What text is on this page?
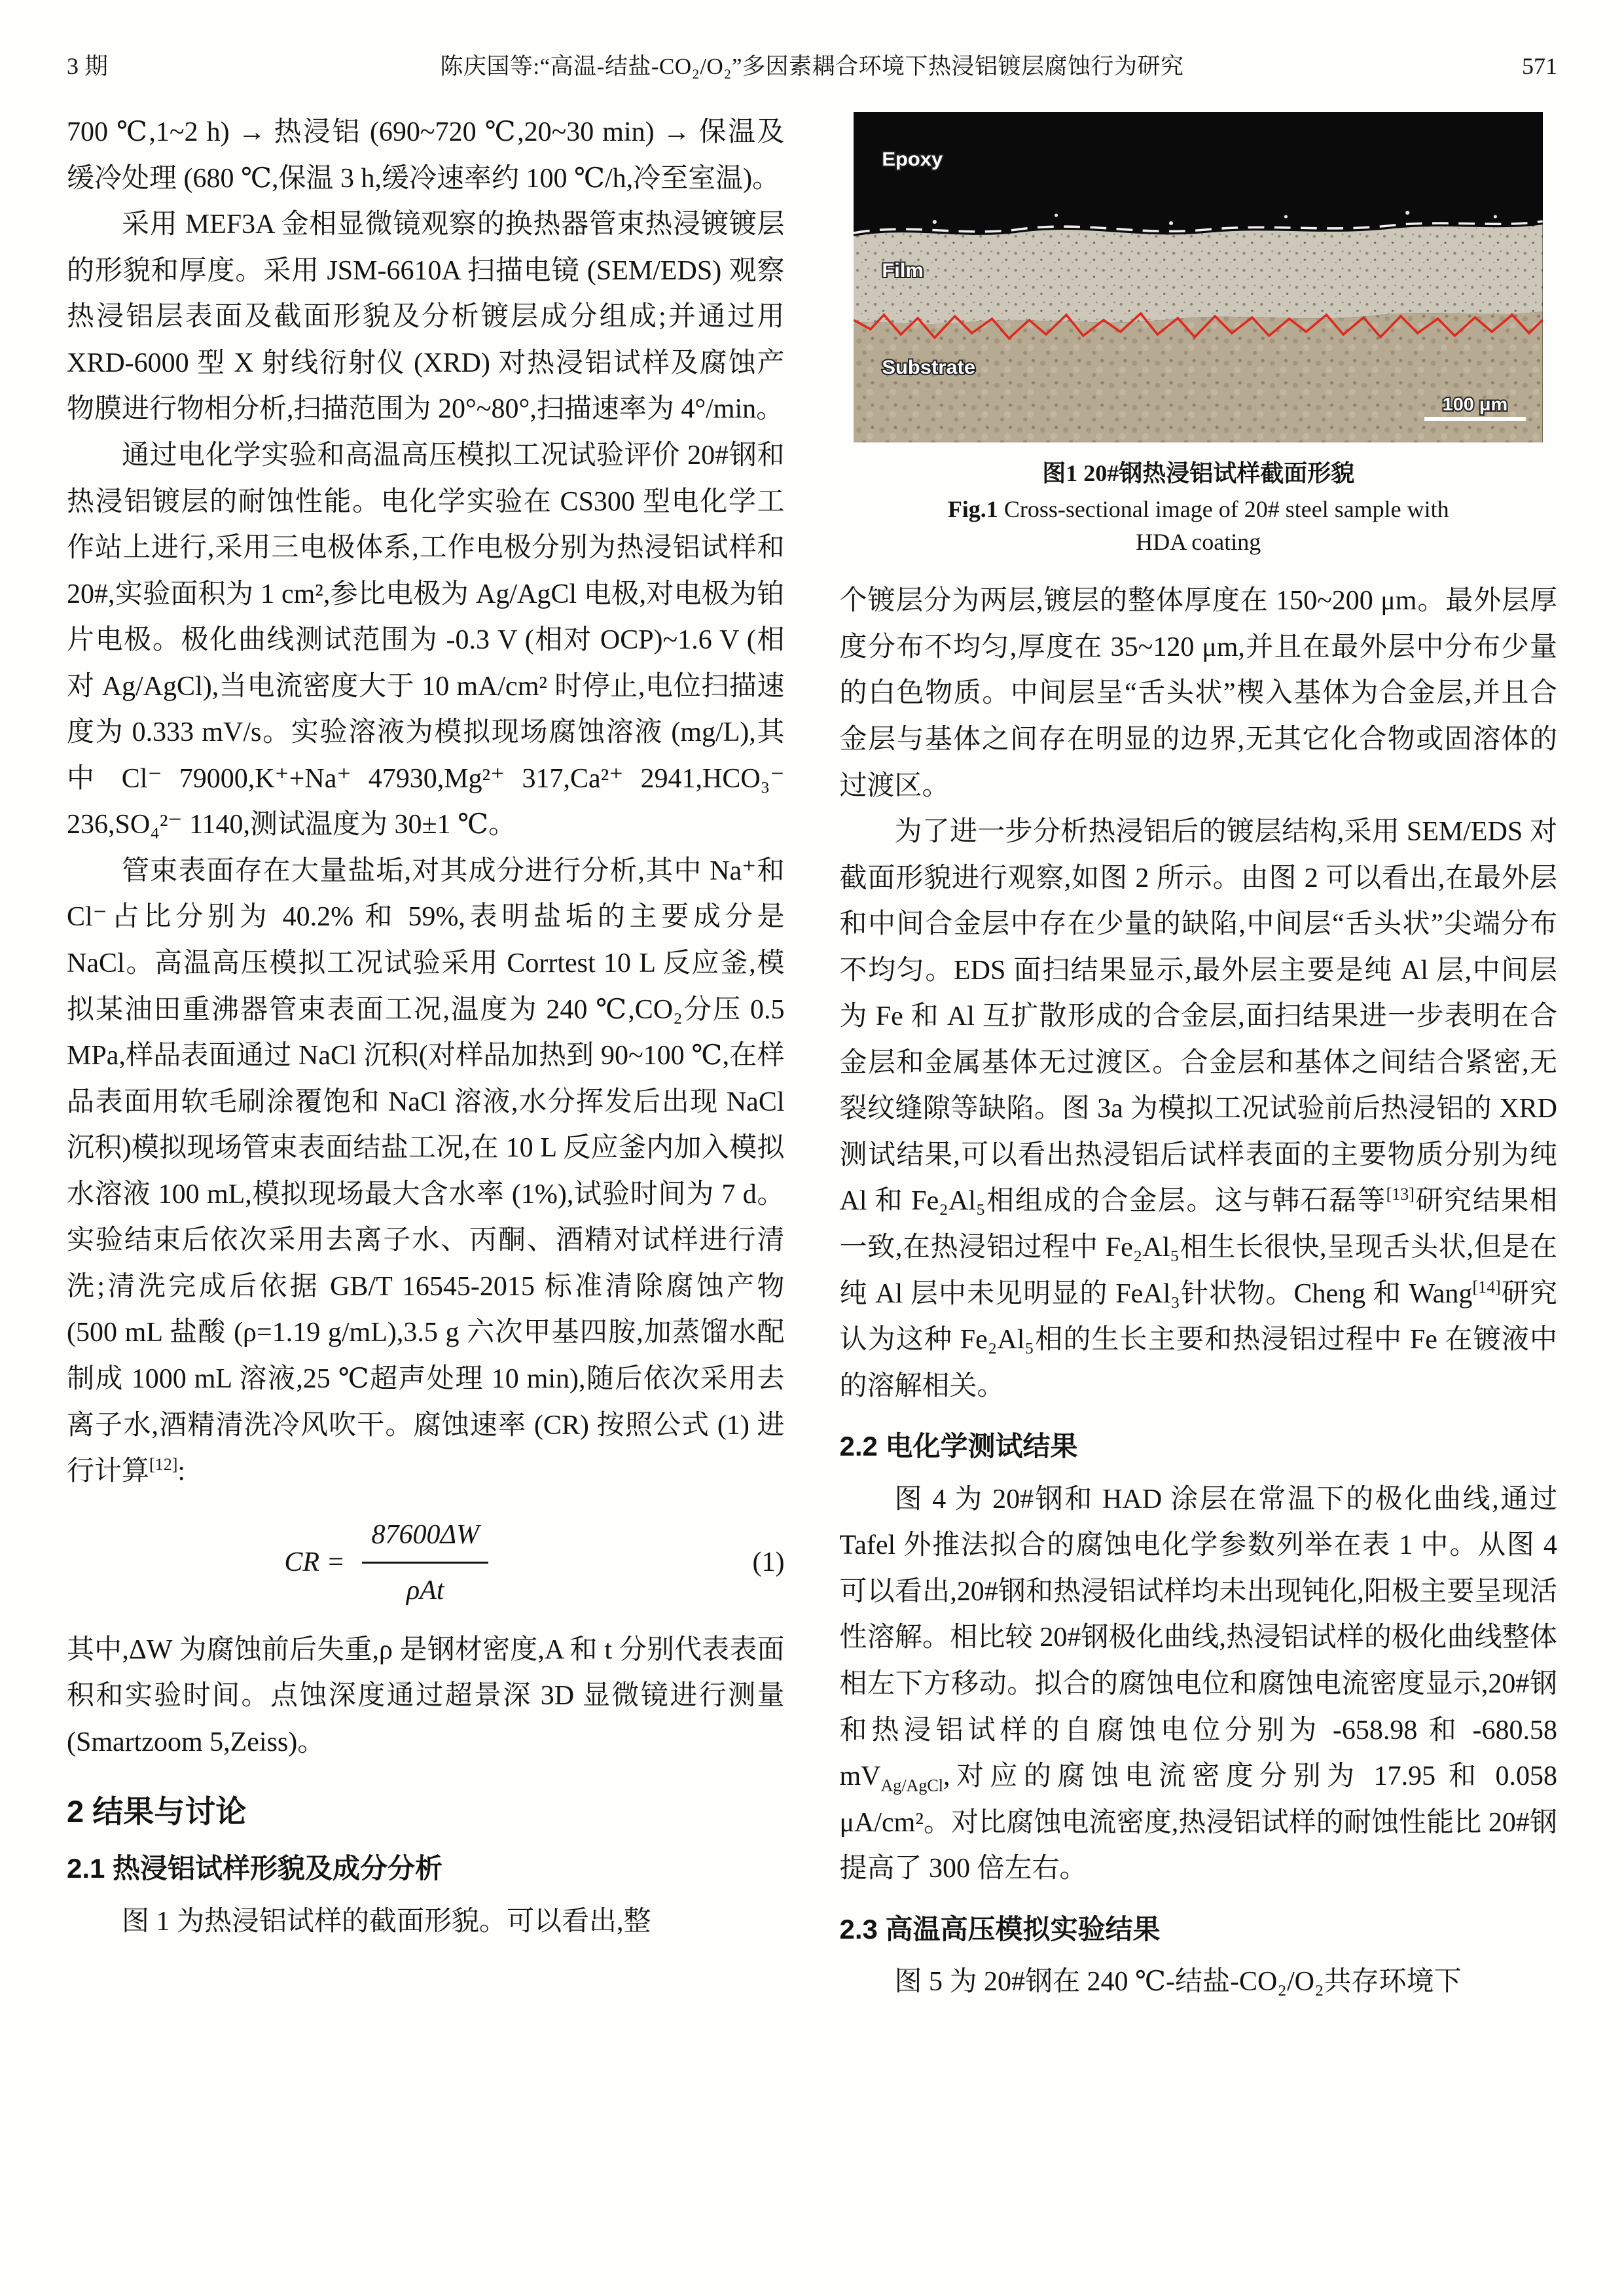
3 期	陈庆国等:“高温-结盐-CO₂/O₂”多因素耦合环境下热浸铝镀层腐蚀行为研究	571

700 ℃,1~2 h) → 热浸铝 (690~720 ℃,20~30 min) → 保温及缓冷处理 (680 ℃,保温 3 h,缓冷速率约 100 ℃/h,冷至室温)。

采用 MEF3A 金相显微镜观察的换热器管束热浸镀镀层的形貌和厚度。采用 JSM-6610A 扫描电镜 (SEM/EDS) 观察热浸铝层表面及截面形貌及分析镀层成分组成;并通过用 XRD-6000 型 X 射线衍射仪 (XRD) 对热浸铝试样及腐蚀产物膜进行物相分析,扫描范围为 20°~80°,扫描速率为 4°/min。

通过电化学实验和高温高压模拟工况试验评价 20#钢和热浸铝镀层的耐蚀性能。电化学实验在 CS300 型电化学工作站上进行,采用三电极体系,工作电极分别为热浸铝试样和 20#,实验面积为 1 cm²,参比电极为 Ag/AgCl 电极,对电极为铂片电极。极化曲线测试范围为 -0.3 V (相对 OCP)~1.6 V (相对 Ag/AgCl),当电流密度大于 10 mA/cm² 时停止,电位扫描速度为 0.333 mV/s。实验溶液为模拟现场腐蚀溶液 (mg/L),其中 Cl⁻ 79000,K⁺+Na⁺ 47930,Mg²⁺ 317,Ca²⁺ 2941,HCO₃⁻ 236,SO₄²⁻ 1140,测试温度为 30±1 ℃。

管束表面存在大量盐垢,对其成分进行分析,其中 Na⁺和 Cl⁻占比分别为 40.2% 和 59%,表明盐垢的主要成分是 NaCl。高温高压模拟工况试验采用 Corrtest 10 L 反应釜,模拟某油田重沸器管束表面工况,温度为 240 ℃,CO₂分压 0.5 MPa,样品表面通过 NaCl 沉积(对样品加热到 90~100 ℃,在样品表面用软毛刷涂覆饱和 NaCl 溶液,水分挥发后出现 NaCl 沉积)模拟现场管束表面结盐工况,在 10 L 反应釜内加入模拟水溶液 100 mL,模拟现场最大含水率 (1%),试验时间为 7 d。实验结束后依次采用去离子水、丙酮、酒精对试样进行清洗;清洗完成后依据 GB/T 16545-2015 标准清除腐蚀产物 (500 mL 盐酸 (ρ=1.19 g/mL),3.5 g 六次甲基四胺,加蒸馏水配制成 1000 mL 溶液,25 ℃超声处理 10 min),随后依次采用去离子水,酒精清洗冷风吹干。腐蚀速率 (CR) 按照公式 (1) 进行计算[12]:

CR = $\frac{87600\Delta W}{\text{ρAt}}$	(1)

其中,ΔW 为腐蚀前后失重,ρ 是钢材密度,A 和 t 分别代表表面积和实验时间。点蚀深度通过超景深 3D 显微镜进行测量 (Smartzoom 5,Zeiss)。

2 结果与讨论
2.1 热浸铝试样形貌及成分分析

图 1 为热浸铝试样的截面形貌。可以看出,整

Epoxy
Film
Substrate
100 μm
图1 20#钢热浸铝试样截面形貌
Fig.1 Cross-sectional image of 20# steel sample with HDA coating

个镀层分为两层,镀层的整体厚度在 150~200 μm。最外层厚度分布不均匀,厚度在 35~120 μm,并且在最外层中分布少量的白色物质。中间层呈“舌头状”楔入基体为合金层,并且合金层与基体之间存在明显的边界,无其它化合物或固溶体的过渡区。

为了进一步分析热浸铝后的镀层结构,采用 SEM/EDS 对截面形貌进行观察,如图 2 所示。由图 2 可以看出,在最外层和中间合金层中存在少量的缺陷,中间层“舌头状”尖端分布不均匀。EDS 面扫结果显示,最外层主要是纯 Al 层,中间层为 Fe 和 Al 互扩散形成的合金层,面扫结果进一步表明在合金层和金属基体无过渡区。合金层和基体之间结合紧密,无裂纹缝隙等缺陷。图 3a 为模拟工况试验前后热浸铝的 XRD 测试结果,可以看出热浸铝后试样表面的主要物质分别为纯 Al 和 Fe₂Al₅相组成的合金层。这与韩石磊等[13]研究结果相一致,在热浸铝过程中 Fe₂Al₅相生长很快,呈现舌头状,但是在纯 Al 层中未见明显的 FeAl₃针状物。Cheng 和 Wang[14]研究认为这种 Fe₂Al₅相的生长主要和热浸铝过程中 Fe 在镀液中的溶解相关。

2.2 电化学测试结果

图 4 为 20#钢和 HAD 涂层在常温下的极化曲线,通过 Tafel 外推法拟合的腐蚀电化学参数列举在表 1 中。从图 4 可以看出,20#钢和热浸铝试样均未出现钝化,阳极主要呈现活性溶解。相比较 20#钢极化曲线,热浸铝试样的极化曲线整体相左下方移动。拟合的腐蚀电位和腐蚀电流密度显示,20#钢和热浸铝试样的自腐蚀电位分别为 -658.98 和 -680.58 $mV_{Ag/AgCl}$,对应的腐蚀电流密度分别为 17.95 和 0.058 μA/cm²。对比腐蚀电流密度,热浸铝试样的耐蚀性能比 20#钢提高了 300 倍左右。

2.3 高温高压模拟实验结果

图 5 为 20#钢在 240 ℃-结盐-CO₂/O₂共存环境下
